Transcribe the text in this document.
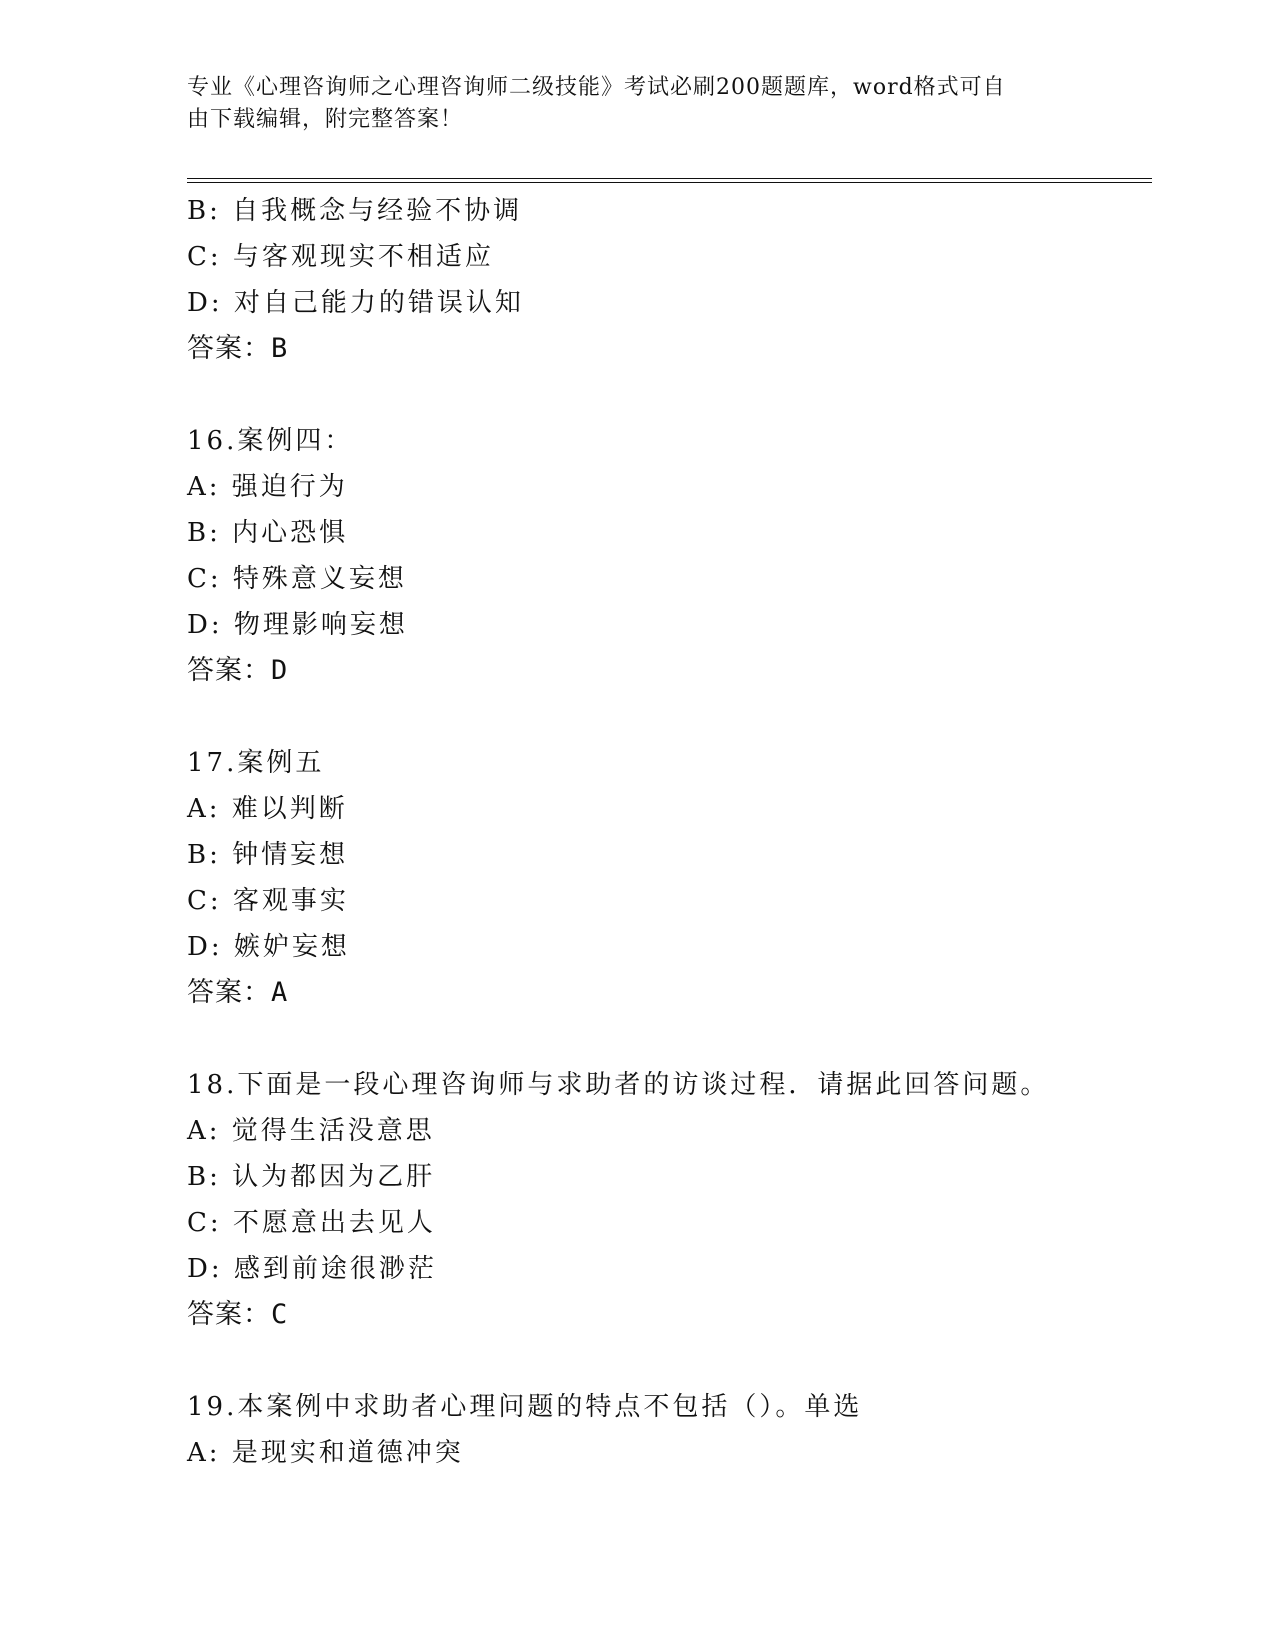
专业《心理咨询师之心理咨询师二级技能》考试必刷200题题库，word格式可自
由下载编辑，附完整答案！
B: 自我概念与经验不协调
C: 与客观现实不相适应
D: 对自己能力的错误认知
答案：B
16.案例四：
A: 强迫行为
B: 内心恐惧
C: 特殊意义妄想
D: 物理影响妄想
答案：D
17.案例五
A: 难以判断
B: 钟情妄想
C: 客观事实
D: 嫉妒妄想
答案：A
18.下面是一段心理咨询师与求助者的访谈过程．请据此回答问题。
A: 觉得生活没意思
B: 认为都因为乙肝
C: 不愿意出去见人
D: 感到前途很渺茫
答案：C
19.本案例中求助者心理问题的特点不包括（）。单选
A: 是现实和道德冲突
